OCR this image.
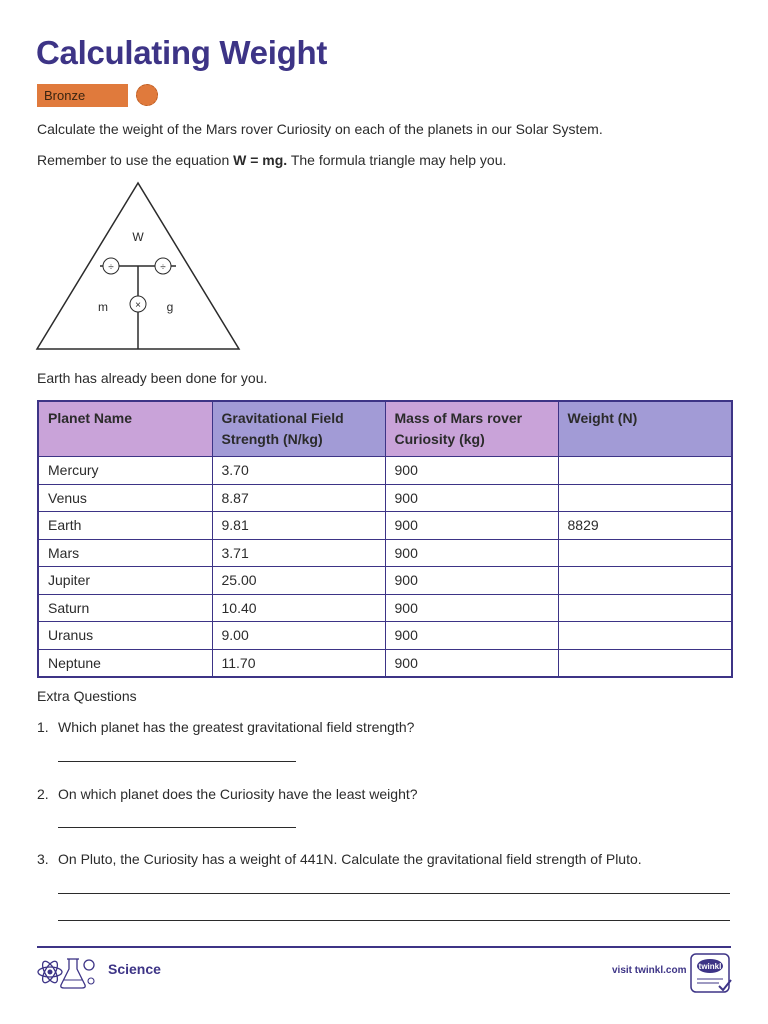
Calculating Weight
Bronze

Calculate the weight of the Mars rover Curiosity on each of the planets in our Solar System.

Remember to use the equation W = mg. The formula triangle may help you.

÷	÷
×
W
m	g

Earth has already been done for you.

Planet Name	Gravitational Field Strength (N/kg)	Mass of Mars rover Curiosity (kg)	Weight (N)
Mercury	3.70	900	
Venus	8.87	900	
Earth	9.81	900	8829
Mars	3.71	900	
Jupiter	25.00	900	
Saturn	10.40	900	
Uranus	9.00	900	
Neptune	11.70	900	

Extra Questions

1. Which planet has the greatest gravitational field strength?

2. On which planet does the Curiosity have the least weight?

3. On Pluto, the Curiosity has a weight of 441N. Calculate the gravitational field strength of Pluto.

Science	visit twinkl.com twinkl
